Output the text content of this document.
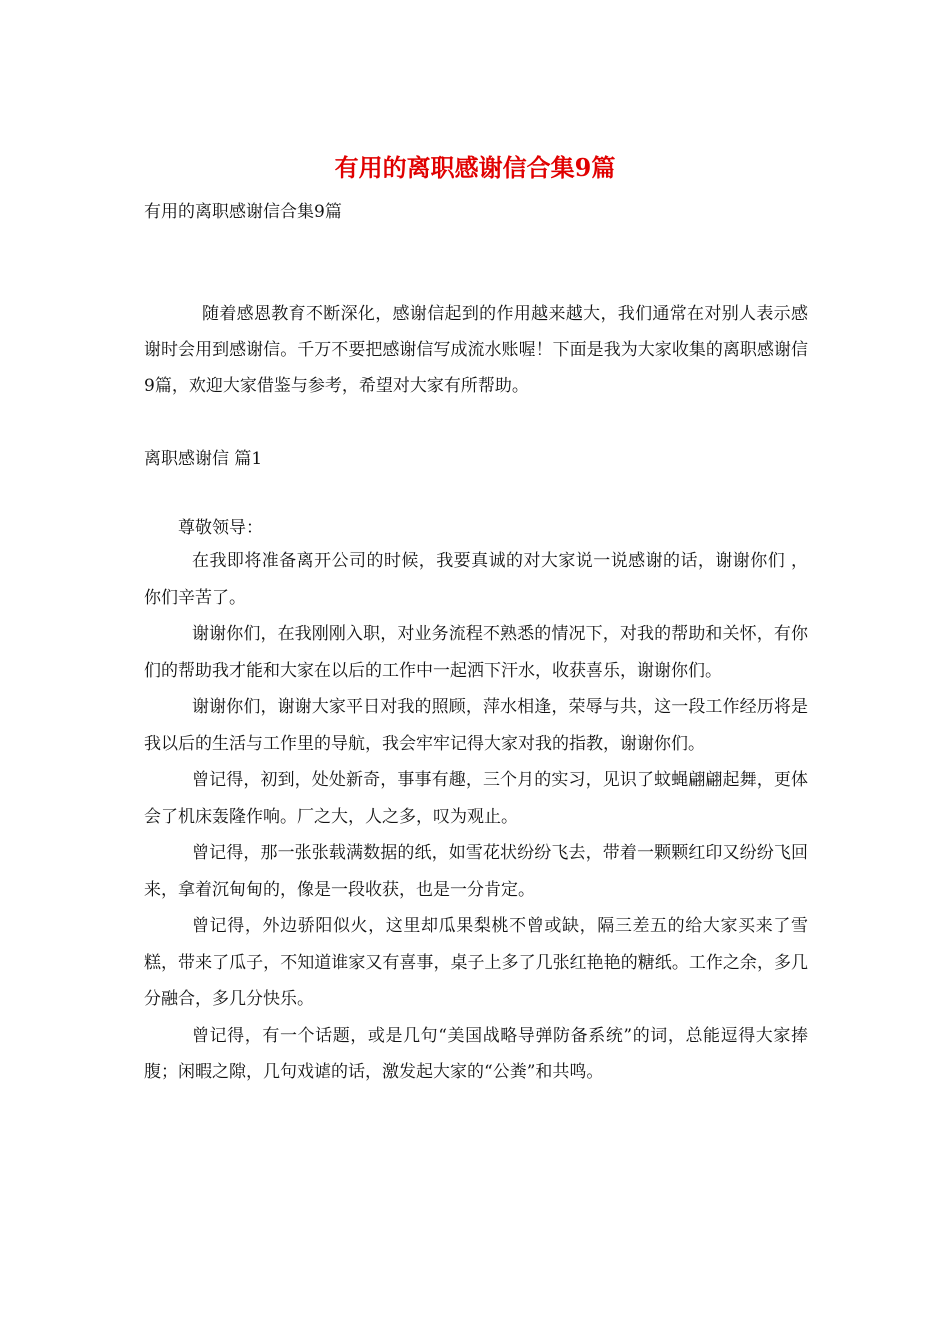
有用的离职感谢信合集9篇

有用的离职感谢信合集9篇

随着感恩教育不断深化，感谢信起到的作用越来越大，我们通常在对别人表示感谢时会用到感谢信。千万不要把感谢信写成流水账喔！下面是我为大家收集的离职感谢信9篇，欢迎大家借鉴与参考，希望对大家有所帮助。

离职感谢信 篇1

尊敬领导：

在我即将准备离开公司的时候，我要真诚的对大家说一说感谢的话，谢谢你们 ，你们辛苦了。

谢谢你们，在我刚刚入职，对业务流程不熟悉的情况下，对我的帮助和关怀，有你们的帮助我才能和大家在以后的工作中一起洒下汗水，收获喜乐，谢谢你们。

谢谢你们，谢谢大家平日对我的照顾，萍水相逢，荣辱与共，这一段工作经历将是我以后的生活与工作里的导航，我会牢牢记得大家对我的指教，谢谢你们。

曾记得，初到，处处新奇，事事有趣，三个月的实习，见识了蚊蝇翩翩起舞，更体会了机床轰隆作响。厂之大，人之多，叹为观止。

曾记得，那一张张载满数据的纸，如雪花状纷纷飞去，带着一颗颗红印又纷纷飞回来，拿着沉甸甸的，像是一段收获，也是一分肯定。

曾记得，外边骄阳似火，这里却瓜果梨桃不曾或缺，隔三差五的给大家买来了雪糕，带来了瓜子，不知道谁家又有喜事，桌子上多了几张红艳艳的糖纸。工作之余，多几分融合，多几分快乐。

曾记得，有一个话题，或是几句“美国战略导弹防备系统”的词，总能逗得大家捧腹；闲暇之隙，几句戏谑的话，激发起大家的“公粪”和共鸣。
